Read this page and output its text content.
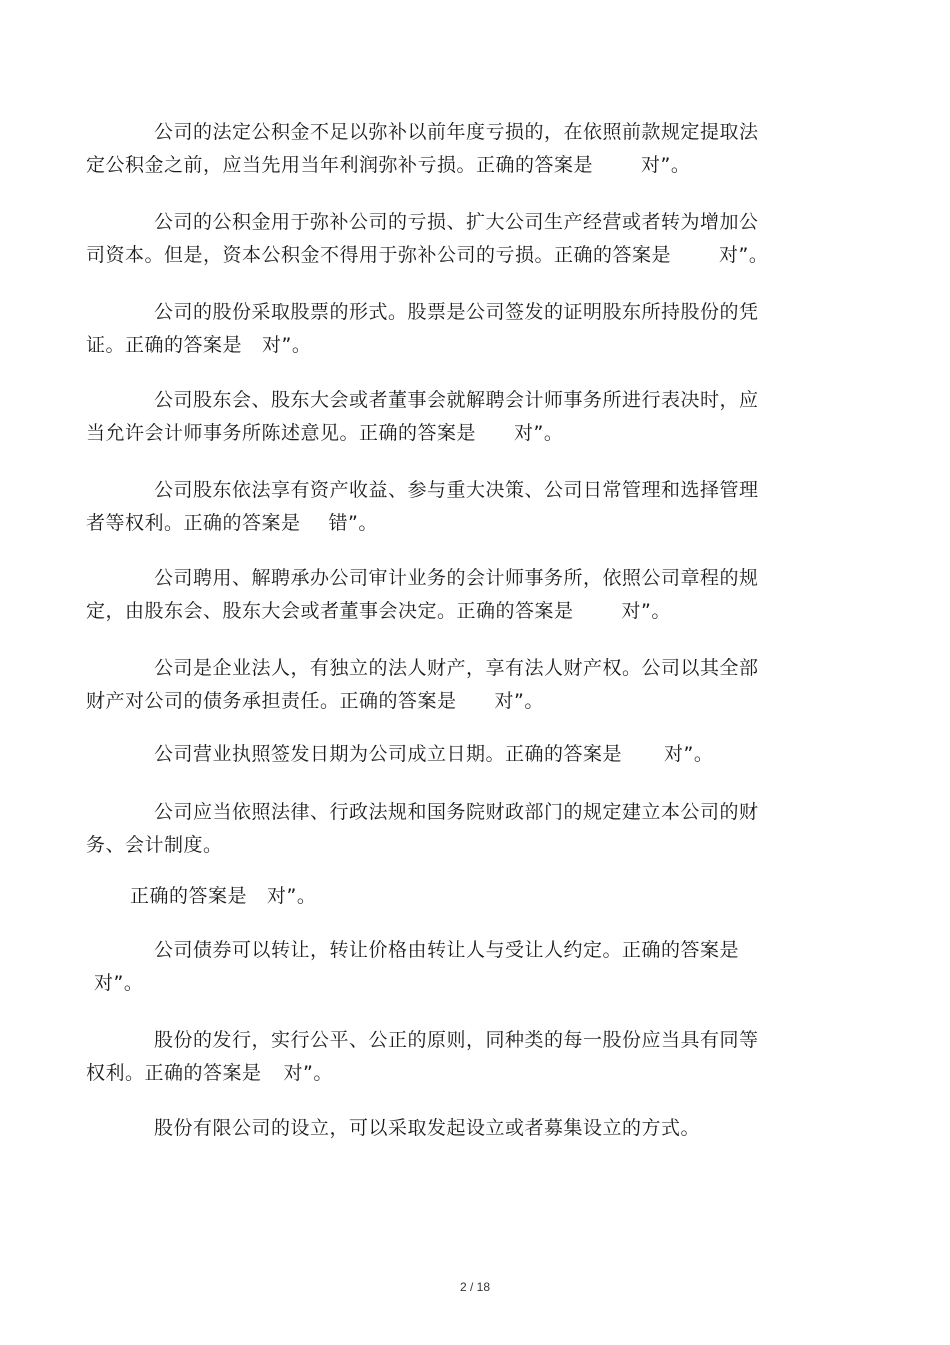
公司的法定公积金不足以弥补以前年度亏损的，在依照前款规定提取法
定公积金之前，应当先用当年利润弥补亏损。正确的答案是	对”。
公司的公积金用于弥补公司的亏损、扩大公司生产经营或者转为增加公
司资本。但是，资本公积金不得用于弥补公司的亏损。正确的答案是	对”。
公司的股份采取股票的形式。股票是公司签发的证明股东所持股份的凭
证。正确的答案是 对”。
公司股东会、股东大会或者董事会就解聘会计师事务所进行表决时，应
当允许会计师事务所陈述意见。正确的答案是 对”。
公司股东依法享有资产收益、参与重大决策、公司日常管理和选择管理
者等权利。正确的答案是 错”。
公司聘用、解聘承办公司审计业务的会计师事务所，依照公司章程的规
定，由股东会、股东大会或者董事会决定。正确的答案是	对”。
公司是企业法人，有独立的法人财产，享有法人财产权。公司以其全部
财产对公司的债务承担责任。正确的答案是 对”。
公司营业执照签发日期为公司成立日期。正确的答案是 对”。
公司应当依照法律、行政法规和国务院财政部门的规定建立本公司的财
务、会计制度。
正确的答案是 对”。
公司债券可以转让，转让价格由转让人与受让人约定。正确的答案是
对”。
股份的发行，实行公平、公正的原则，同种类的每一股份应当具有同等
权利。正确的答案是 对”。
股份有限公司的设立，可以采取发起设立或者募集设立的方式。
2 / 18
